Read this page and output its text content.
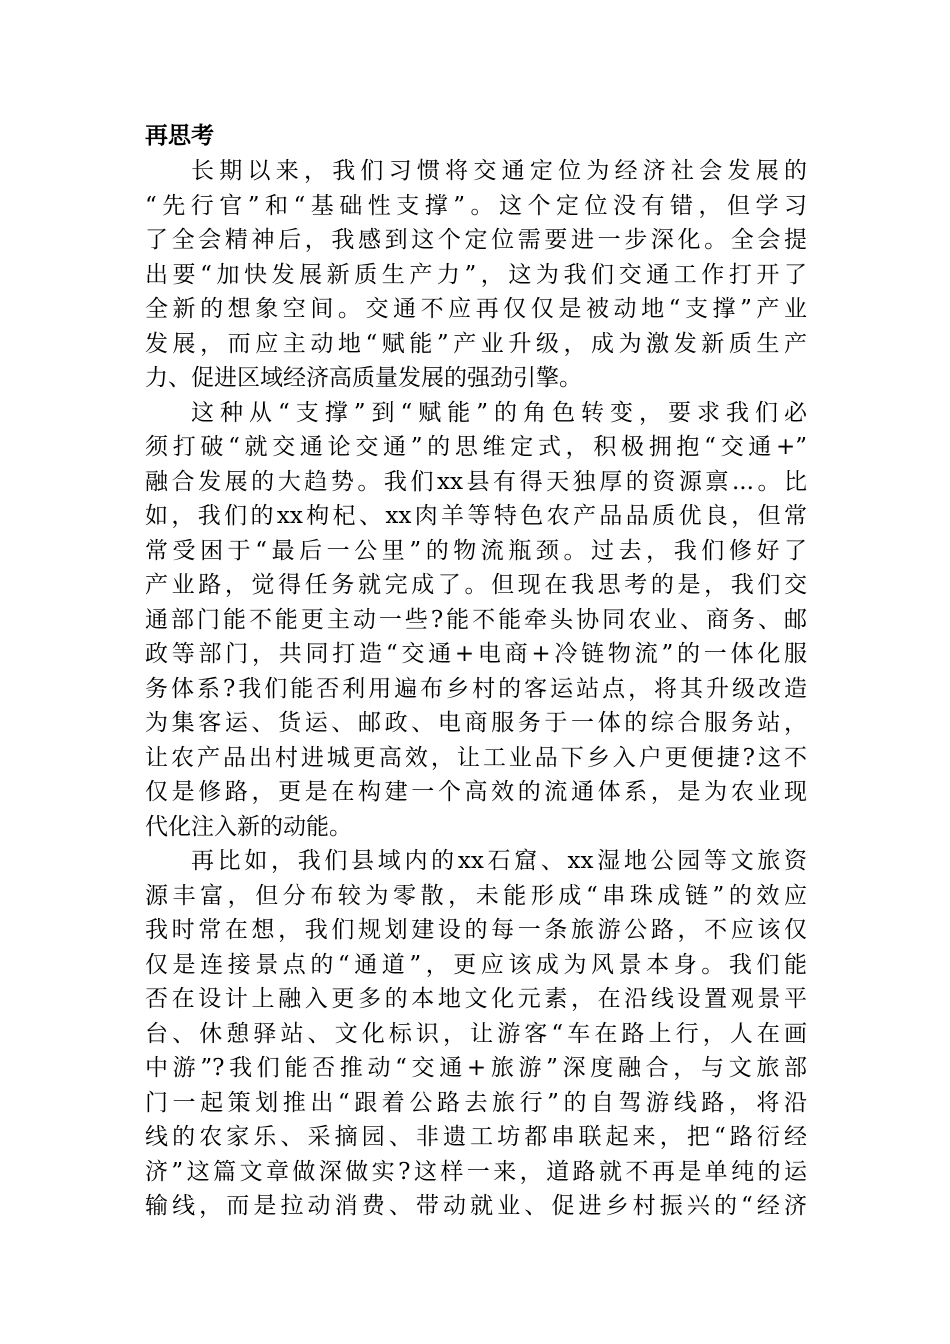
再思考
长期以来，我们习惯将交通定位为经济社会发展的
“先行官”和“基础性支撑”。这个定位没有错，但学习
了全会精神后，我感到这个定位需要进一步深化。全会提
出要“加快发展新质生产力”，这为我们交通工作打开了
全新的想象空间。交通不应再仅仅是被动地“支撑”产业
发展，而应主动地“赋能”产业升级，成为激发新质生产
力、促进区域经济高质量发展的强劲引擎。
这种从“支撑”到“赋能”的角色转变，要求我们必
须打破“就交通论交通”的思维定式，积极拥抱“交通+”
融合发展的大趋势。我们xx县有得天独厚的资源禀...。比
如，我们的xx枸杞、xx肉羊等特色农产品品质优良，但常
常受困于“最后一公里”的物流瓶颈。过去，我们修好了
产业路，觉得任务就完成了。但现在我思考的是，我们交
通部门能不能更主动一些?能不能牵头协同农业、商务、邮
政等部门，共同打造“交通+电商+冷链物流”的一体化服
务体系?我们能否利用遍布乡村的客运站点，将其升级改造
为集客运、货运、邮政、电商服务于一体的综合服务站，
让农产品出村进城更高效，让工业品下乡入户更便捷?这不
仅是修路，更是在构建一个高效的流通体系，是为农业现
代化注入新的动能。
再比如，我们县域内的xx石窟、xx湿地公园等文旅资
源丰富，但分布较为零散，未能形成“串珠成链”的效应
我时常在想，我们规划建设的每一条旅游公路，不应该仅
仅是连接景点的“通道”，更应该成为风景本身。我们能
否在设计上融入更多的本地文化元素，在沿线设置观景平
台、休憩驿站、文化标识，让游客“车在路上行，人在画
中游”?我们能否推动“交通+旅游”深度融合，与文旅部
门一起策划推出“跟着公路去旅行”的自驾游线路，将沿
线的农家乐、采摘园、非遗工坊都串联起来，把“路衍经
济”这篇文章做深做实?这样一来，道路就不再是单纯的运
输线，而是拉动消费、带动就业、促进乡村振兴的“经济
